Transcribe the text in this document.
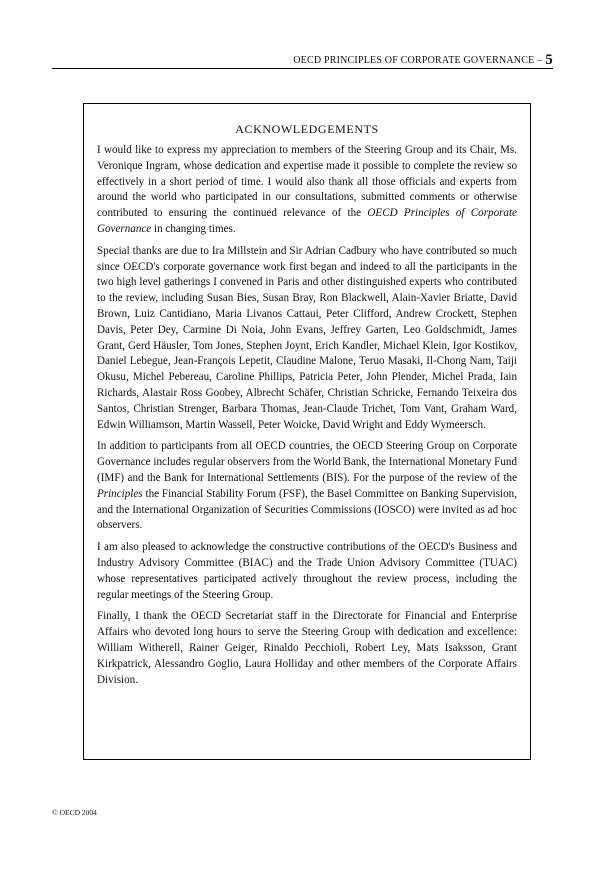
OECD PRINCIPLES OF CORPORATE GOVERNANCE – 5
ACKNOWLEDGEMENTS

I would like to express my appreciation to members of the Steering Group and its Chair, Ms. Veronique Ingram, whose dedication and expertise made it possible to complete the review so effectively in a short period of time. I would also thank all those officials and experts from around the world who participated in our consultations, submitted comments or otherwise contributed to ensuring the continued relevance of the OECD Principles of Corporate Governance in changing times.

Special thanks are due to Ira Millstein and Sir Adrian Cadbury who have contributed so much since OECD's corporate governance work first began and indeed to all the participants in the two high level gatherings I convened in Paris and other distinguished experts who contributed to the review, including Susan Bies, Susan Bray, Ron Blackwell, Alain-Xavier Briatte, David Brown, Luiz Cantidiano, Maria Livanos Cattaui, Peter Clifford, Andrew Crockett, Stephen Davis, Peter Dey, Carmine Di Noia, John Evans, Jeffrey Garten, Leo Goldschmidt, James Grant, Gerd Häusler, Tom Jones, Stephen Joynt, Erich Kandler, Michael Klein, Igor Kostikov, Daniel Lebegue, Jean-François Lepetit, Claudine Malone, Teruo Masaki, Il-Chong Nam, Taiji Okusu, Michel Pebereau, Caroline Phillips, Patricia Peter, John Plender, Michel Prada, Iain Richards, Alastair Ross Goobey, Albrecht Schäfer, Christian Schricke, Fernando Teixeira dos Santos, Christian Strenger, Barbara Thomas, Jean-Claude Trichet, Tom Vant, Graham Ward, Edwin Williamson, Martin Wassell, Peter Woicke, David Wright and Eddy Wymeersch.

In addition to participants from all OECD countries, the OECD Steering Group on Corporate Governance includes regular observers from the World Bank, the International Monetary Fund (IMF) and the Bank for International Settlements (BIS). For the purpose of the review of the Principles the Financial Stability Forum (FSF), the Basel Committee on Banking Supervision, and the International Organization of Securities Commissions (IOSCO) were invited as ad hoc observers.

I am also pleased to acknowledge the constructive contributions of the OECD's Business and Industry Advisory Committee (BIAC) and the Trade Union Advisory Committee (TUAC) whose representatives participated actively throughout the review process, including the regular meetings of the Steering Group.

Finally, I thank the OECD Secretariat staff in the Directorate for Financial and Enterprise Affairs who devoted long hours to serve the Steering Group with dedication and excellence: William Witherell, Rainer Geiger, Rinaldo Pecchioli, Robert Ley, Mats Isaksson, Grant Kirkpatrick, Alessandro Goglio, Laura Holliday and other members of the Corporate Affairs Division.

© OECD 2004
